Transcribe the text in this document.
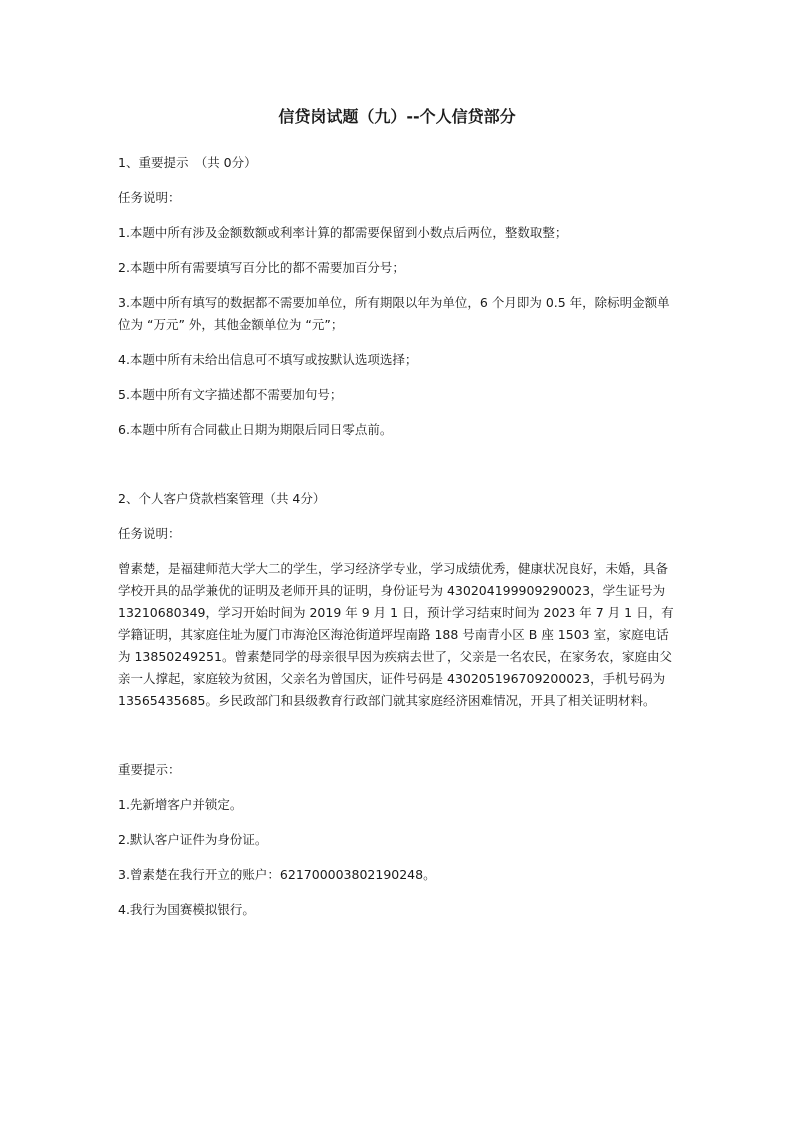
信贷岗试题（九）--个人信贷部分

1、重要提示　（共 0分）

任务说明：

1.本题中所有涉及金额数额或利率计算的都需要保留到小数点后两位，整数取整；

2.本题中所有需要填写百分比的都不需要加百分号；

3.本题中所有填写的数据都不需要加单位，所有期限以年为单位，6 个月即为 0.5 年，除标明金额单位为 “万元” 外，其他金额单位为 “元”；

4.本题中所有未给出信息可不填写或按默认选项选择；

5.本题中所有文字描述都不需要加句号；

6.本题中所有合同截止日期为期限后同日零点前。

2、个人客户贷款档案管理（共 4分）

任务说明：

曾素楚，是福建师范大学大二的学生，学习经济学专业，学习成绩优秀，健康状况良好，未婚，具备学校开具的品学兼优的证明及老师开具的证明，身份证号为 430204199909290023，学生证号为 13210680349，学习开始时间为 2019 年 9 月 1 日，预计学习结束时间为 2023 年 7 月 1 日，有学籍证明，其家庭住址为厦门市海沧区海沧街道坪埕南路 188 号南青小区 B 座 1503 室，家庭电话为 13850249251。曾素楚同学的母亲很早因为疾病去世了，父亲是一名农民，在家务农，家庭由父亲一人撑起，家庭较为贫困，父亲名为曾国庆，证件号码是 430205196709200023，手机号码为 13565435685。乡民政部门和县级教育行政部门就其家庭经济困难情况，开具了相关证明材料。

重要提示：

1.先新增客户并锁定。

2.默认客户证件为身份证。

3.曾素楚在我行开立的账户：621700003802190248。

4.我行为国赛模拟银行。
